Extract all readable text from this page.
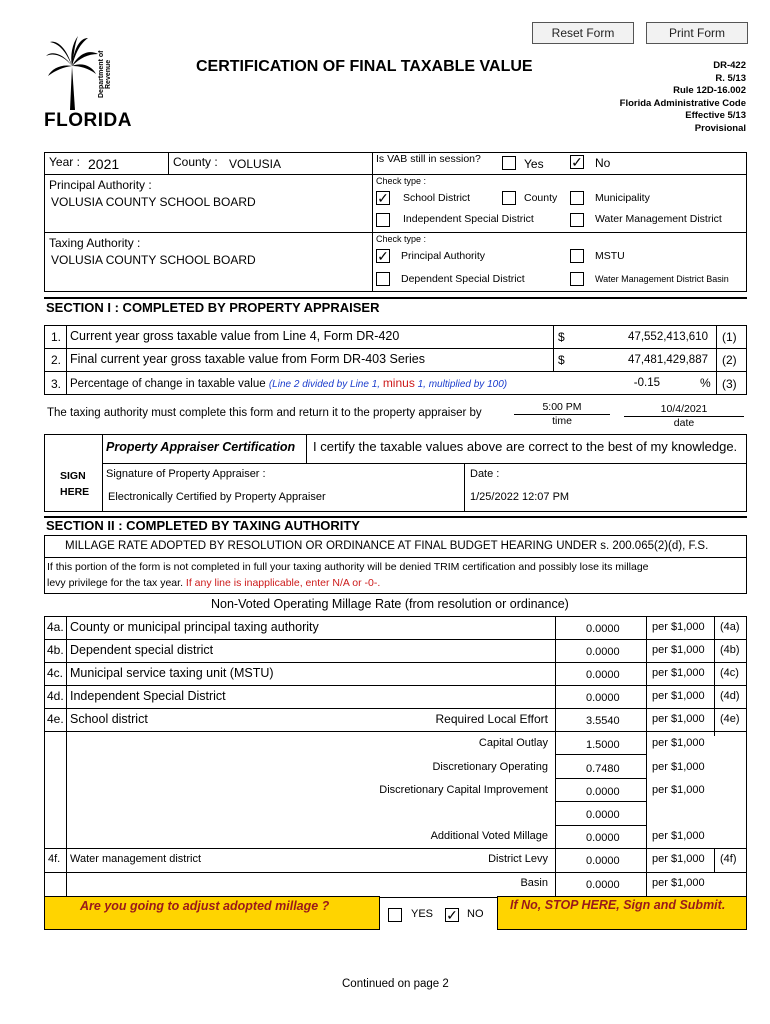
Reset Form	Print Form
Department of Revenue
FLORIDA
CERTIFICATION OF FINAL TAXABLE VALUE	DR-422
R. 5/13
Rule 12D-16.002
Florida Administrative Code
Effective 5/13
Provisional
Year : 2021	County : VOLUSIA	Is VAB still in session?	Yes ✓ No
Principal Authority :
VOLUSIA COUNTY SCHOOL BOARD
Check type :
✓ School District	County	Municipality
Independent Special District	Water Management District
Taxing Authority :
VOLUSIA COUNTY SCHOOL BOARD
Check type :
✓ Principal Authority	MSTU
Dependent Special District	Water Management District Basin
SECTION I : COMPLETED BY PROPERTY APPRAISER
1. Current year gross taxable value from Line 4, Form DR-420	$	47,552,413,610 (1)
2. Final current year gross taxable value from Form DR-403 Series	$	47,481,429,887 (2)
3. Percentage of change in taxable value (Line 2 divided by Line 1, minus 1, multiplied by 100)	-0.15	% (3)
The taxing authority must complete this form and return it to the property appraiser by	5:00 PM
time
10/4/2021
date
Property Appraiser Certification I certify the taxable values above are correct to the best of my knowledge.
SIGN
HERE
Signature of Property Appraiser :
Electronically Certified by Property Appraiser
Date :
1/25/2022 12:07 PM
SECTION II : COMPLETED BY TAXING AUTHORITY
MILLAGE RATE ADOPTED BY RESOLUTION OR ORDINANCE AT FINAL BUDGET HEARING UNDER s. 200.065(2)(d), F.S.
If this portion of the form is not completed in full your taxing authority will be denied TRIM certification and possibly lose its millage
levy privilege for the tax year. If any line is inapplicable, enter N/A or -0-.
Non-Voted Operating Millage Rate (from resolution or ordinance)
4a. County or municipal principal taxing authority	0.0000	per $1,000 (4a)
4b. Dependent special district	0.0000	per $1,000 (4b)
4c. Municipal service taxing unit (MSTU)	0.0000	per $1,000 (4c)
4d. Independent Special District	0.0000	per $1,000 (4d)
4e. School district	Required Local Effort	3.5540	per $1,000 (4e)
Capital Outlay	1.5000	per $1,000
Discretionary Operating	0.7480	per $1,000
Discretionary Capital Improvement	0.0000	per $1,000
0.0000
Additional Voted Millage	0.0000	per $1,000
4f. Water management district	District Levy	0.0000	per $1,000 (4f)
Basin	0.0000	per $1,000
Are you going to adjust adopted millage ?
YES ✓ NO
If No, STOP HERE, Sign and Submit.
Continued on page 2
